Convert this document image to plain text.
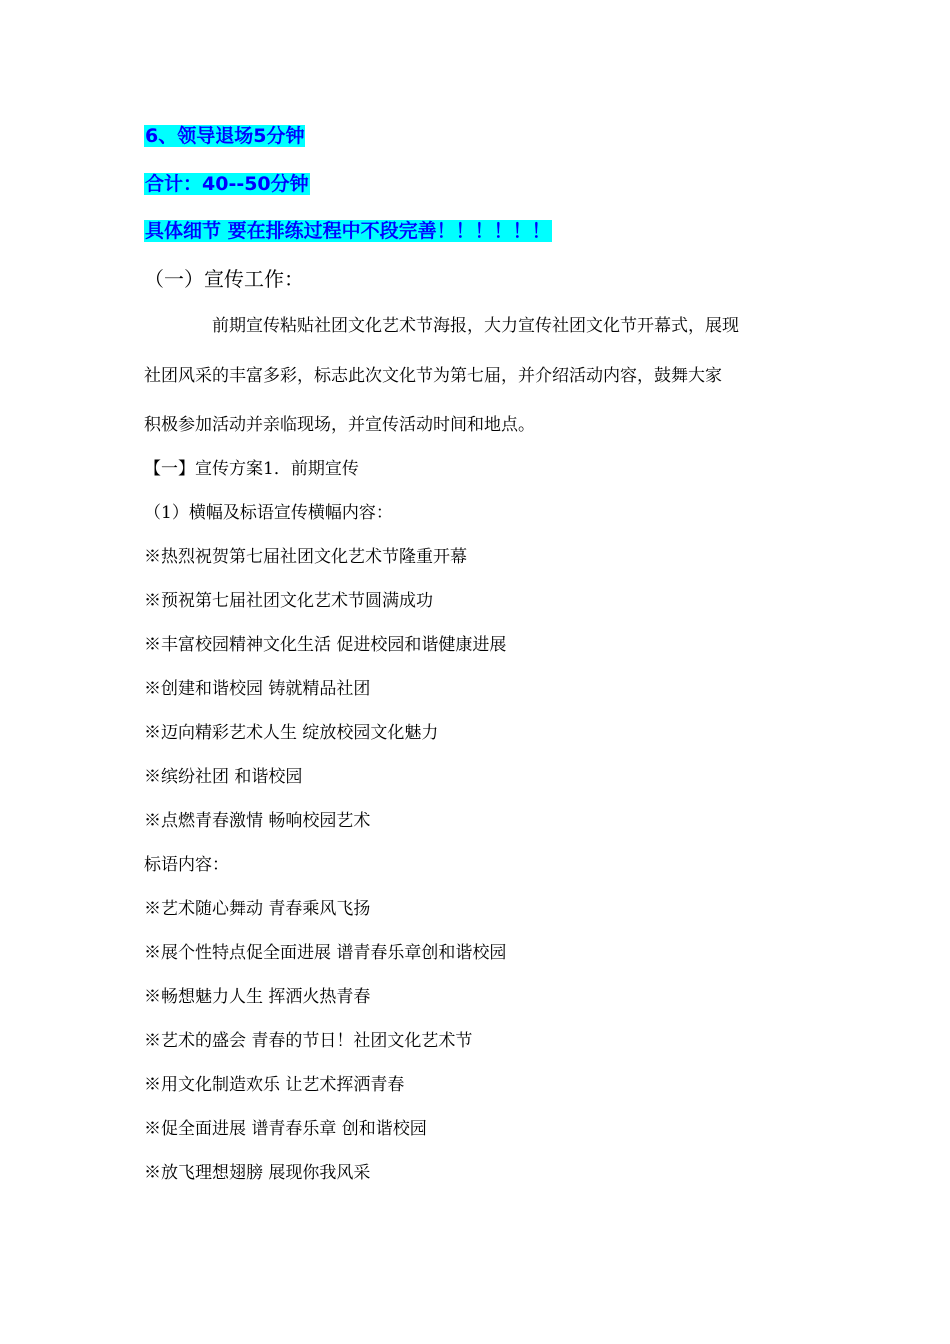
6、领导退场5分钟
合计：40--50分钟
具体细节 要在排练过程中不段完善！！！！！！
（一）宣传工作：
前期宣传粘贴社团文化艺术节海报，大力宣传社团文化节开幕式，展现
社团风采的丰富多彩，标志此次文化节为第七届，并介绍活动内容，鼓舞大家
积极参加活动并亲临现场，并宣传活动时间和地点。
【一】宣传方案1．前期宣传
（1）横幅及标语宣传横幅内容：
※热烈祝贺第七届社团文化艺术节隆重开幕
※预祝第七届社团文化艺术节圆满成功
※丰富校园精神文化生活 促进校园和谐健康进展
※创建和谐校园 铸就精品社团
※迈向精彩艺术人生 绽放校园文化魅力
※缤纷社团 和谐校园
※点燃青春激情 畅响校园艺术
标语内容：
※艺术随心舞动 青春乘风飞扬
※展个性特点促全面进展 谱青春乐章创和谐校园
※畅想魅力人生 挥洒火热青春
※艺术的盛会 青春的节日！社团文化艺术节
※用文化制造欢乐 让艺术挥洒青春
※促全面进展 谱青春乐章 创和谐校园
※放飞理想翅膀 展现你我风采
